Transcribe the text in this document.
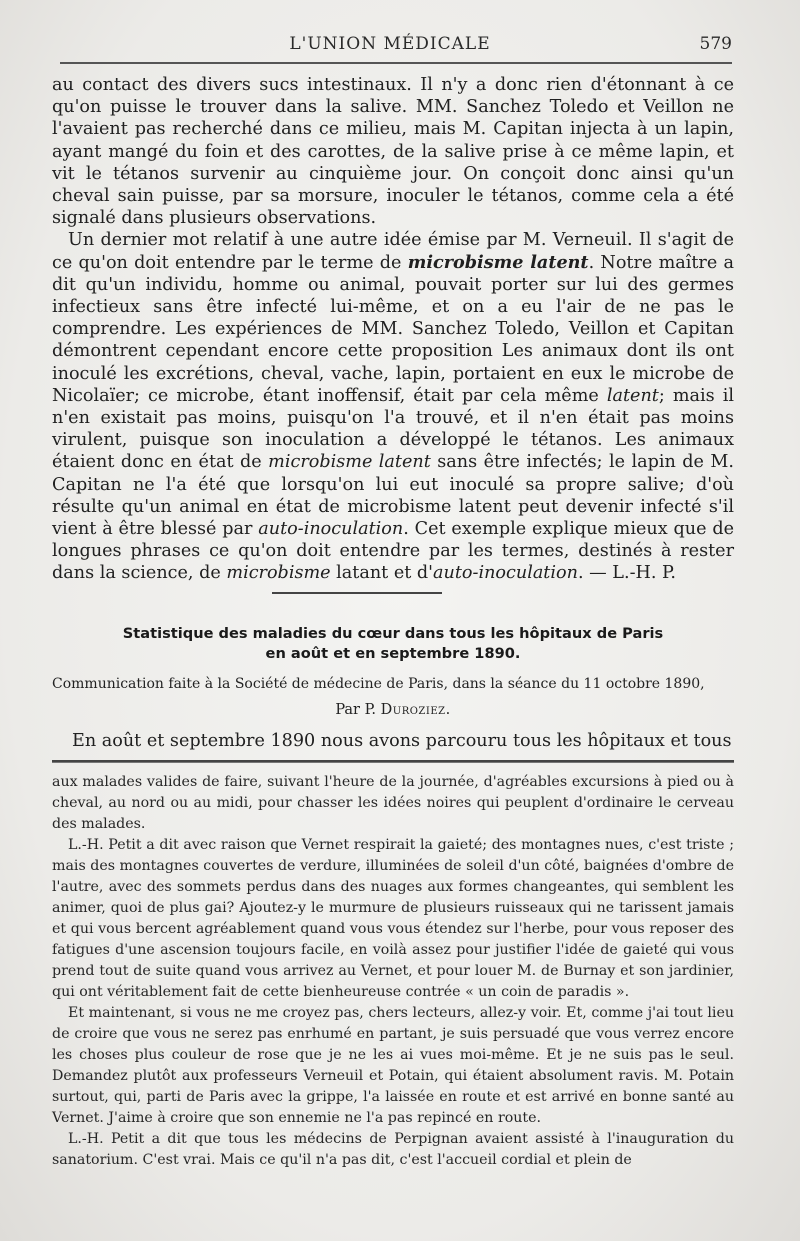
L'UNION MÉDICALE	579

au contact des divers sucs intestinaux. Il n'y a donc rien d'étonnant à ce qu'on puisse le trouver dans la salive. MM. Sanchez Toledo et Veillon ne l'avaient pas recherché dans ce milieu, mais M. Capitan injecta à un lapin, ayant mangé du foin et des carottes, de la salive prise à ce même lapin, et vit le tétanos survenir au cinquième jour. On conçoit donc ainsi qu'un cheval sain puisse, par sa morsure, inoculer le tétanos, comme cela a été signalé dans plusieurs observations.

Un dernier mot relatif à une autre idée émise par M. Verneuil. Il s'agit de ce qu'on doit entendre par le terme de microbisme latent. Notre maître a dit qu'un individu, homme ou animal, pouvait porter sur lui des germes infectieux sans être infecté lui-même, et on a eu l'air de ne pas le comprendre. Les expériences de MM. Sanchez Toledo, Veillon et Capitan démontrent cependant encore cette proposition Les animaux dont ils ont inoculé les excrétions, cheval, vache, lapin, portaient en eux le microbe de Nicolaïer; ce microbe, étant inoffensif, était par cela même latent; mais il n'en existait pas moins, puisqu'on l'a trouvé, et il n'en était pas moins virulent, puisque son inoculation a développé le tétanos. Les animaux étaient donc en état de microbisme latent sans être infectés; le lapin de M. Capitan ne l'a été que lorsqu'on lui eut inoculé sa propre salive; d'où résulte qu'un animal en état de microbisme latent peut devenir infecté s'il vient à être blessé par auto-inoculation. Cet exemple explique mieux que de longues phrases ce qu'on doit entendre par les termes, destinés à rester dans la science, de microbisme latant et d'auto-inoculation. — L.-H. P.

Statistique des maladies du cœur dans tous les hôpitaux de Paris
en août et en septembre 1890.
Communication faite à la Société de médecine de Paris, dans la séance du 11 octobre 1890,
Par P. Duroziez.
En août et septembre 1890 nous avons parcouru tous les hôpitaux et tous

aux malades valides de faire, suivant l'heure de la journée, d'agréables excursions à pied ou à cheval, au nord ou au midi, pour chasser les idées noires qui peuplent d'ordinaire le cerveau des malades.

L.-H. Petit a dit avec raison que Vernet respirait la gaieté; des montagnes nues, c'est triste ; mais des montagnes couvertes de verdure, illuminées de soleil d'un côté, baignées d'ombre de l'autre, avec des sommets perdus dans des nuages aux formes changeantes, qui semblent les animer, quoi de plus gai? Ajoutez-y le murmure de plusieurs ruisseaux qui ne tarissent jamais et qui vous bercent agréablement quand vous vous étendez sur l'herbe, pour vous reposer des fatigues d'une ascension toujours facile, en voilà assez pour justifier l'idée de gaieté qui vous prend tout de suite quand vous arrivez au Vernet, et pour louer M. de Burnay et son jardinier, qui ont véritablement fait de cette bienheureuse contrée « un coin de paradis ».

Et maintenant, si vous ne me croyez pas, chers lecteurs, allez-y voir. Et, comme j'ai tout lieu de croire que vous ne serez pas enrhumé en partant, je suis persuadé que vous verrez encore les choses plus couleur de rose que je ne les ai vues moi-même. Et je ne suis pas le seul. Demandez plutôt aux professeurs Verneuil et Potain, qui étaient absolument ravis. M. Potain surtout, qui, parti de Paris avec la grippe, l'a laissée en route et est arrivé en bonne santé au Vernet. J'aime à croire que son ennemie ne l'a pas repincé en route.

L.-H. Petit a dit que tous les médecins de Perpignan avaient assisté à l'inauguration du sanatorium. C'est vrai. Mais ce qu'il n'a pas dit, c'est l'accueil cordial et plein de
